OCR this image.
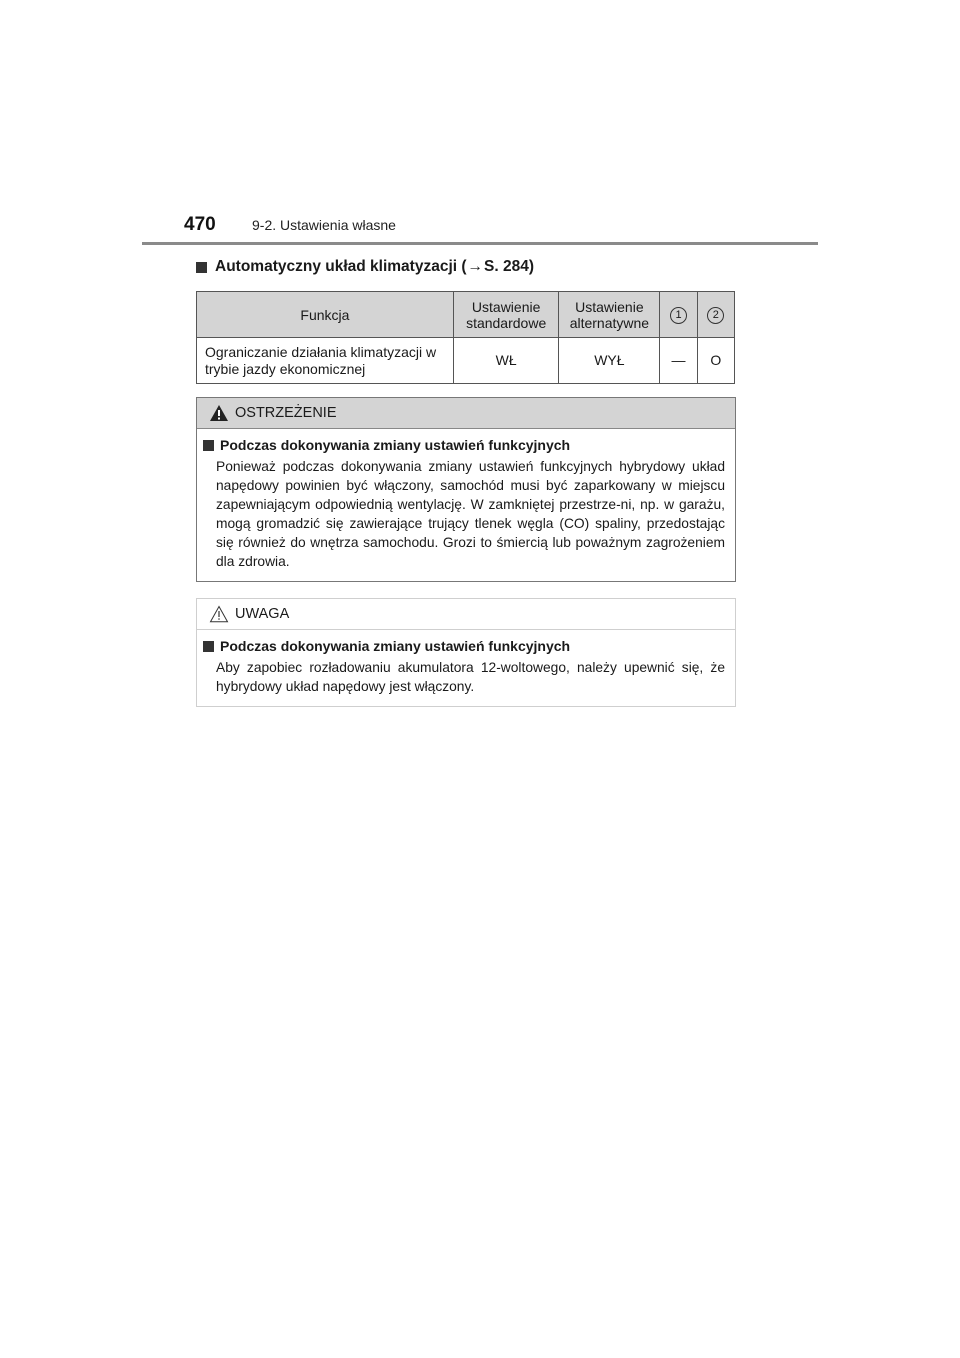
470	9-2. Ustawienia własne
Automatyczny układ klimatyzacji ( → S. 284)
Funkcja	Ustawienie standardowe	Ustawienie alternatywne	1	2
Ograniczanie działania klimatyzacji w trybie jazdy ekonomicznej	WŁ	WYŁ	—	O
OSTRZEŻENIE
Podczas dokonywania zmiany ustawień funkcyjnych
Ponieważ podczas dokonywania zmiany ustawień funkcyjnych hybrydowy układ napędowy powinien być włączony, samochód musi być zaparkowany w miejscu zapewniającym odpowiednią wentylację. W zamkniętej przestrze-ni, np. w garażu, mogą gromadzić się zawierające trujący tlenek węgla (CO) spaliny, przedostając się również do wnętrza samochodu. Grozi to śmiercią lub poważnym zagrożeniem dla zdrowia.
UWAGA
Podczas dokonywania zmiany ustawień funkcyjnych
Aby zapobiec rozładowaniu akumulatora 12-woltowego, należy upewnić się, że hybrydowy układ napędowy jest włączony.
